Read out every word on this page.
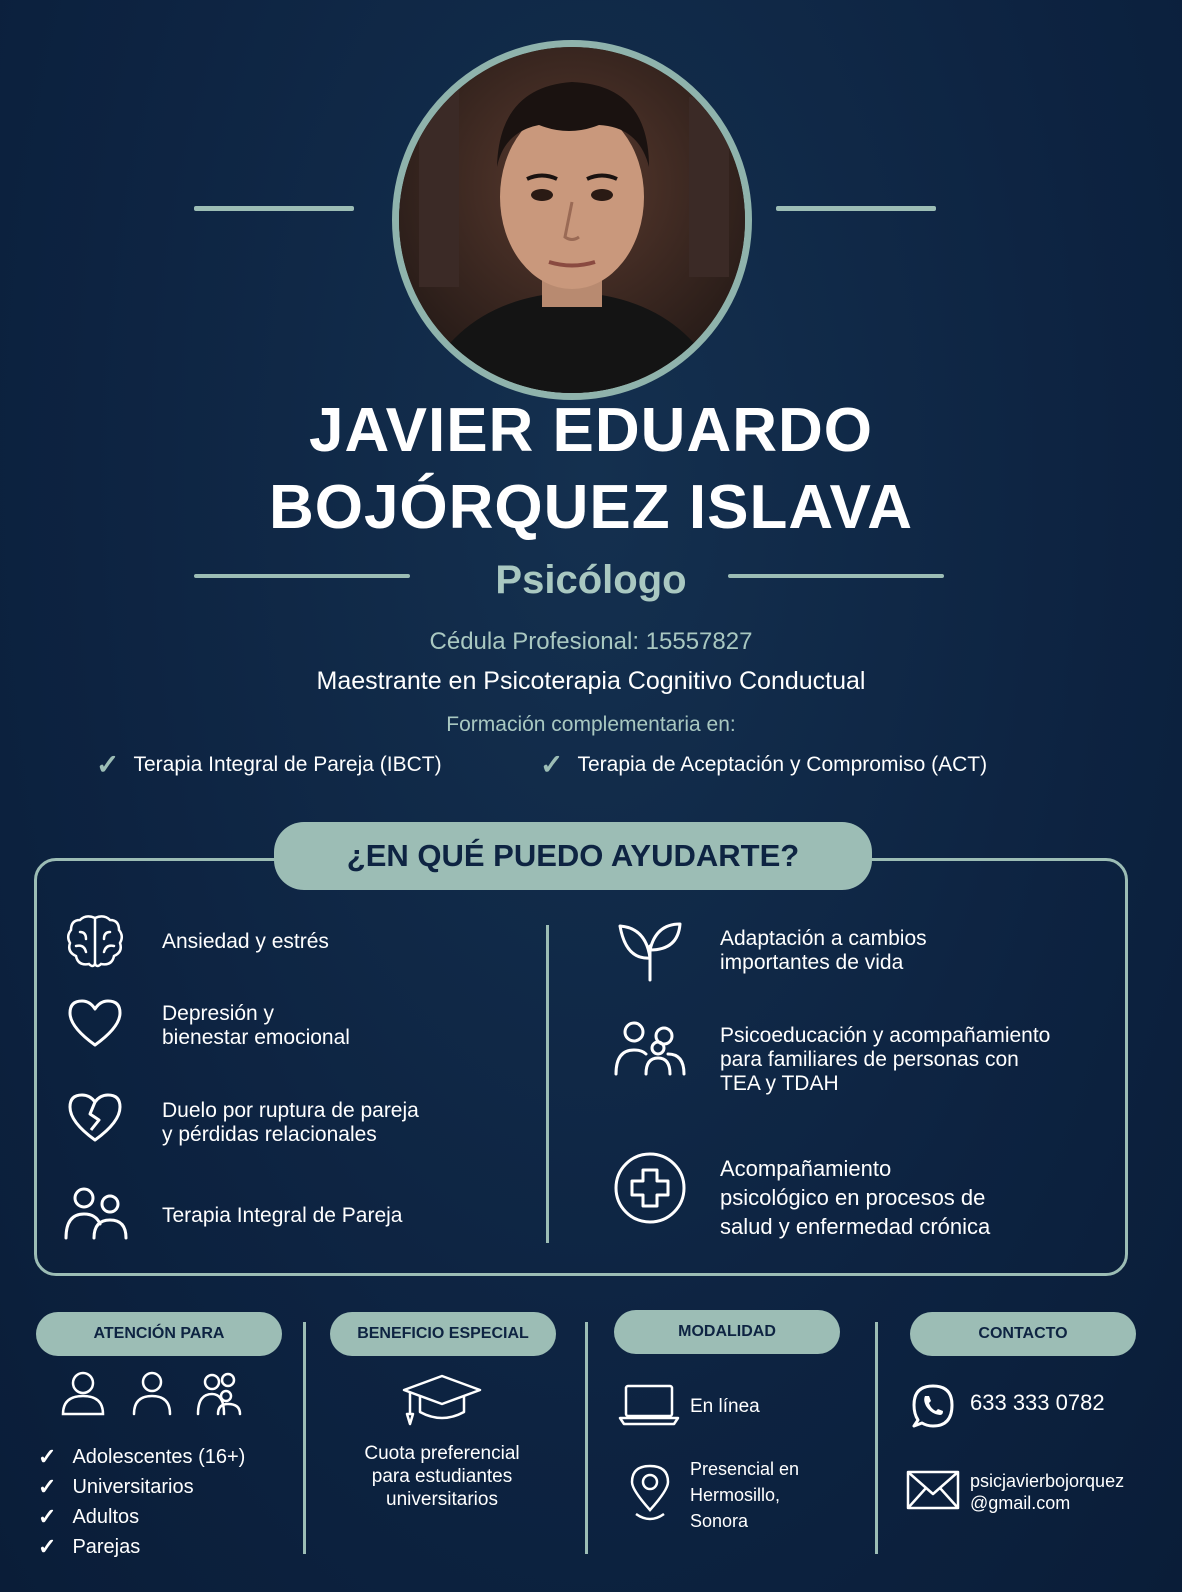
JAVIER EDUARDO
BOJÓRQUEZ ISLAVA
Psicólogo
Cédula Profesional: 15557827
Maestrante en Psicoterapia Cognitivo Conductual
Formación complementaria en:
✓ Terapia Integral de Pareja (IBCT)	✓ Terapia de Aceptación y Compromiso (ACT)
¿EN QUÉ PUEDO AYUDARTE?
Ansiedad y estrés
Depresión y
bienestar emocional
Duelo por ruptura de pareja
y pérdidas relacionales
Terapia Integral de Pareja
Adaptación a cambios
importantes de vida
Psicoeducación y acompañamiento
para familiares de personas con
TEA y TDAH
Acompañamiento
psicológico en procesos de
salud y enfermedad crónica
ATENCIÓN PARA
✓ Adolescentes (16+)
✓ Universitarios
✓ Adultos
✓ Parejas
BENEFICIO ESPECIAL
Cuota preferencial
para estudiantes
universitarios
MODALIDAD
En línea
Presencial en
Hermosillo,
Sonora
CONTACTO
633 333 0782
psicjavierbojorquez
@gmail.com
